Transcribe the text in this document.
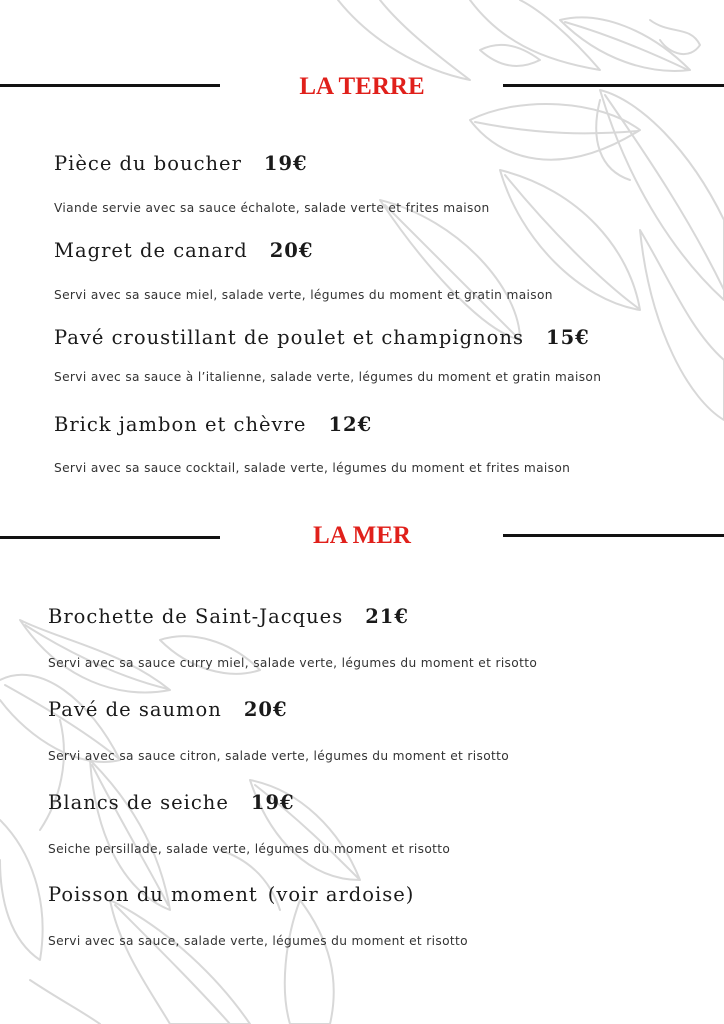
LA TERRE
Pièce du boucher 19€

Viande servie avec sa sauce échalote, salade verte et frites maison

Magret de canard 20€

Servi avec sa sauce miel, salade verte, légumes du moment et gratin maison

Pavé croustillant de poulet et champignons 15€

Servi avec sa sauce à l’italienne, salade verte, légumes du moment et gratin maison

Brick jambon et chèvre 12€

Servi avec sa sauce cocktail, salade verte, légumes du moment et frites maison

LA MER
Brochette de Saint-Jacques 21€

Servi avec sa sauce curry miel, salade verte, légumes du moment et risotto

Pavé de saumon 20€

Servi avec sa sauce citron, salade verte, légumes du moment et risotto

Blancs de seiche 19€

Seiche persillade, salade verte, légumes du moment et risotto

Poisson du moment (voir ardoise)

Servi avec sa sauce, salade verte, légumes du moment et risotto
